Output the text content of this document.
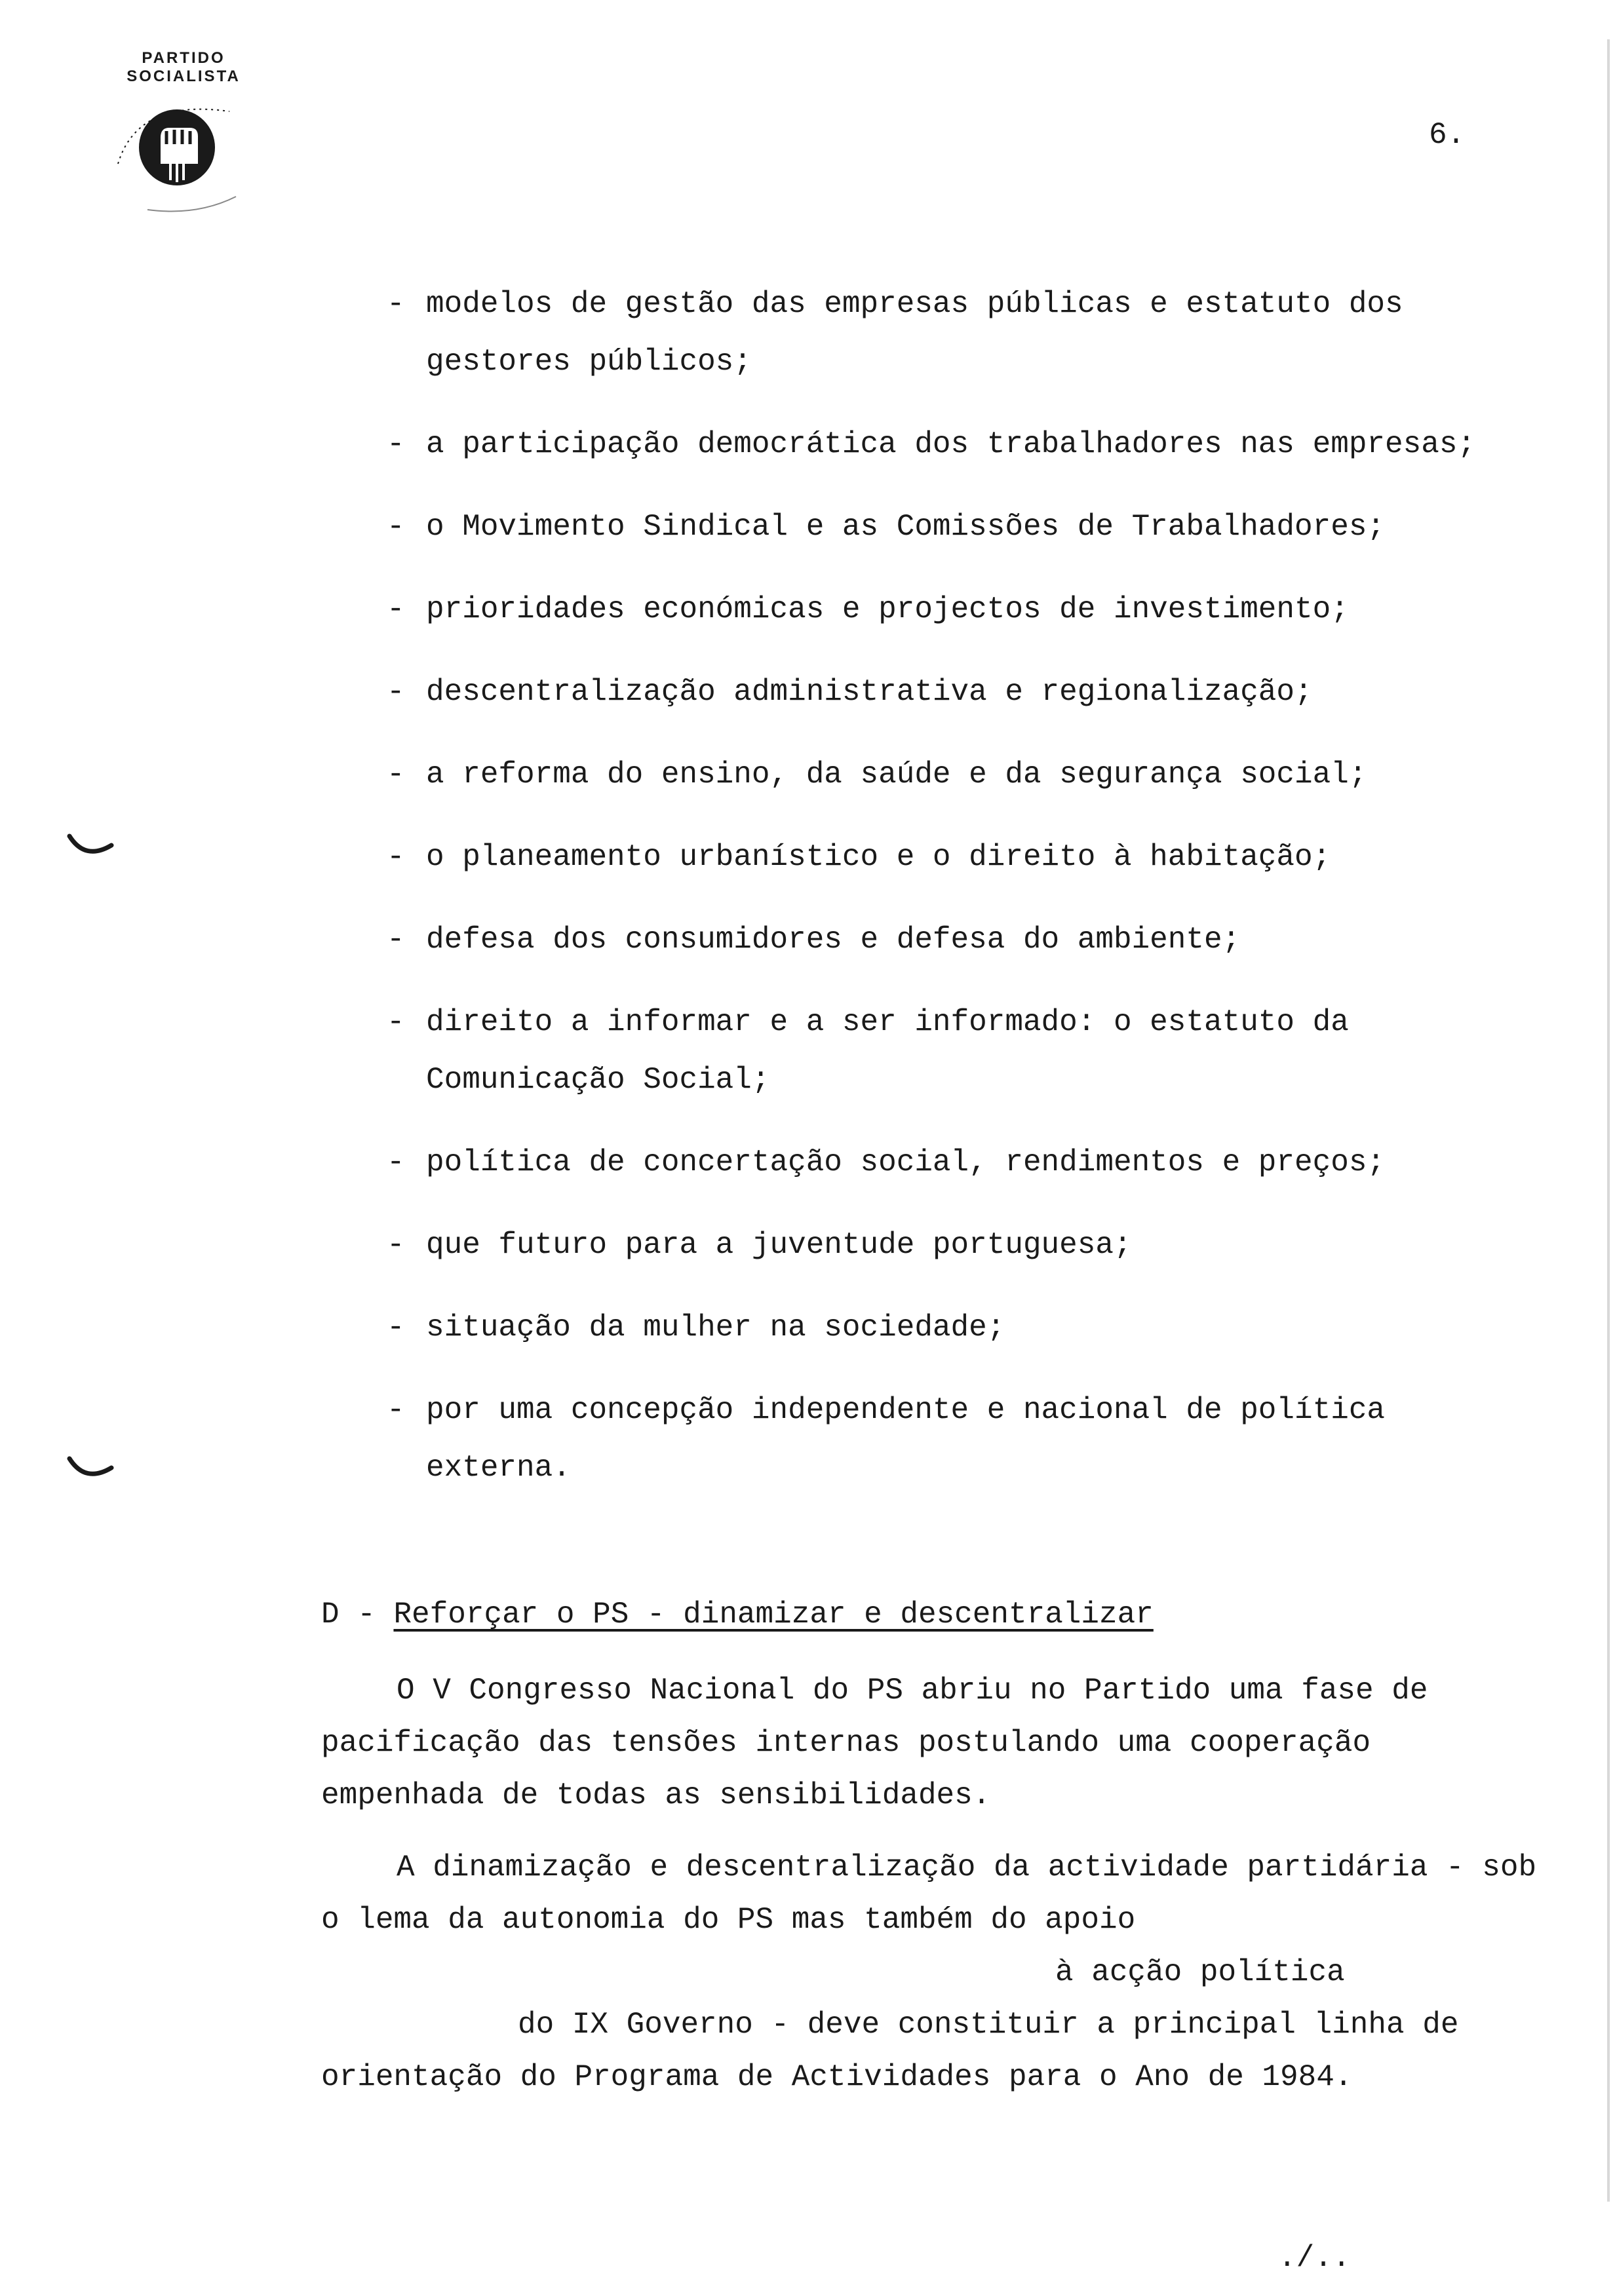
PARTIDO SOCIALISTA
6.
- modelos de gestão das empresas públicas e estatuto dos gestores públicos;
- a participação democrática dos trabalhadores nas empresas;
- o Movimento Sindical e as Comissões de Trabalhadores;
- prioridades económicas e projectos de investimento;
- descentralização administrativa e regionalização;
- a reforma do ensino, da saúde e da segurança social;
- o planeamento urbanístico e o direito à habitação;
- defesa dos consumidores e defesa do ambiente;
- direito a informar e a ser informado: o estatuto da Comunicação Social;
- política de concertação social, rendimentos e preços;
- que futuro para a juventude portuguesa;
- situação da mulher na sociedade;
- por uma concepção independente e nacional de política externa.
D - Reforçar o PS - dinamizar e descentralizar

O V Congresso Nacional do PS abriu no Partido uma fase de pacificação das tensões internas postulando uma cooperação empenhada de todas as sensibilidades.

A dinamização e descentralização da actividade partidária - sob o lema da autonomia do PS mas também do apoio
à acção política
do IX Governo - deve constituir a principal linha de orientação do Programa de Actividades para o Ano de 1984.

./..
